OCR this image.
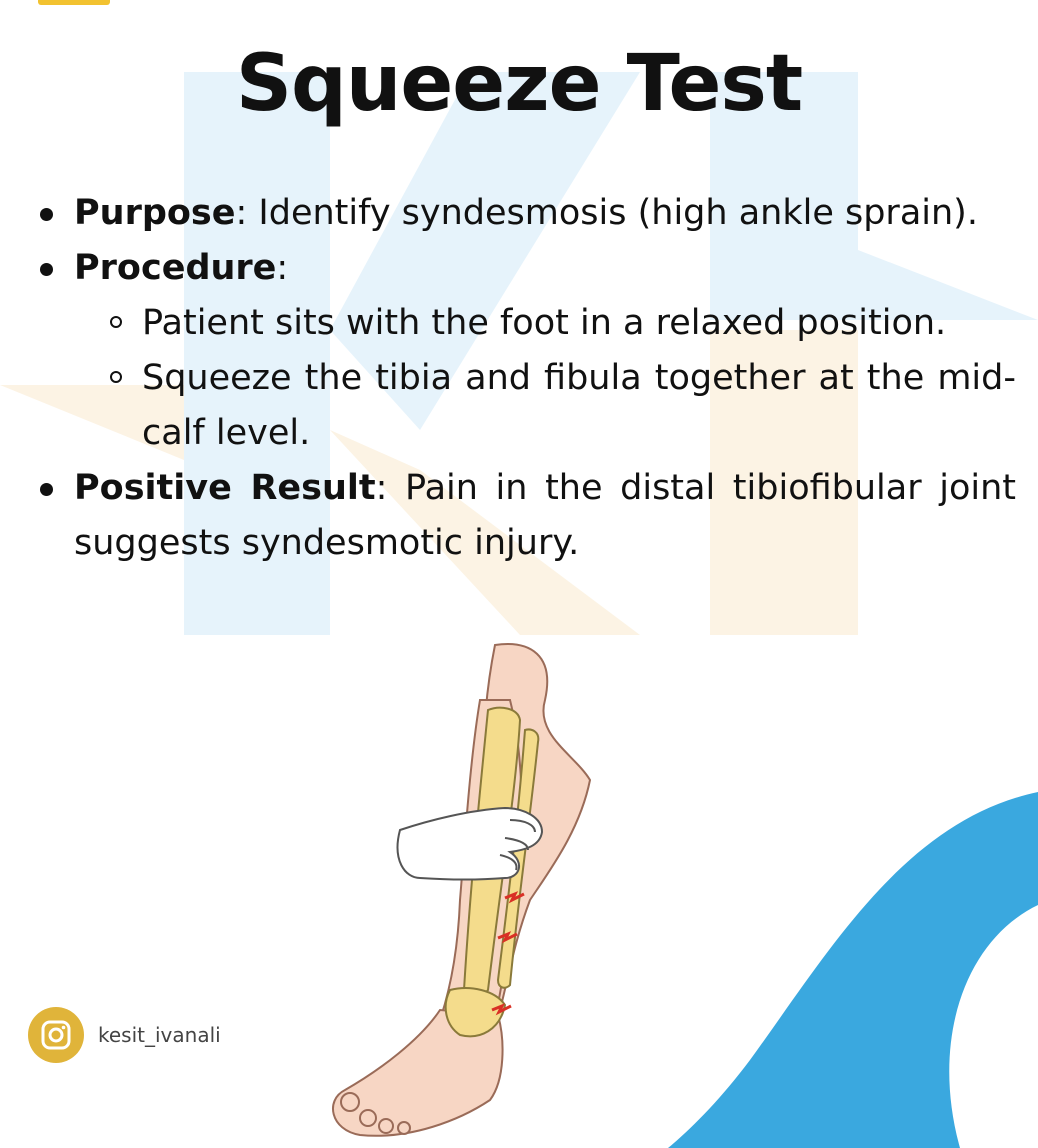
Squeeze Test
Purpose: Identify syndesmosis (high ankle sprain).
Procedure:
Patient sits with the foot in a relaxed position.
Squeeze the tibia and fibula together at the mid-calf level.
Positive Result: Pain in the distal tibiofibular joint suggests syndesmotic injury.
kesit_ivanali
